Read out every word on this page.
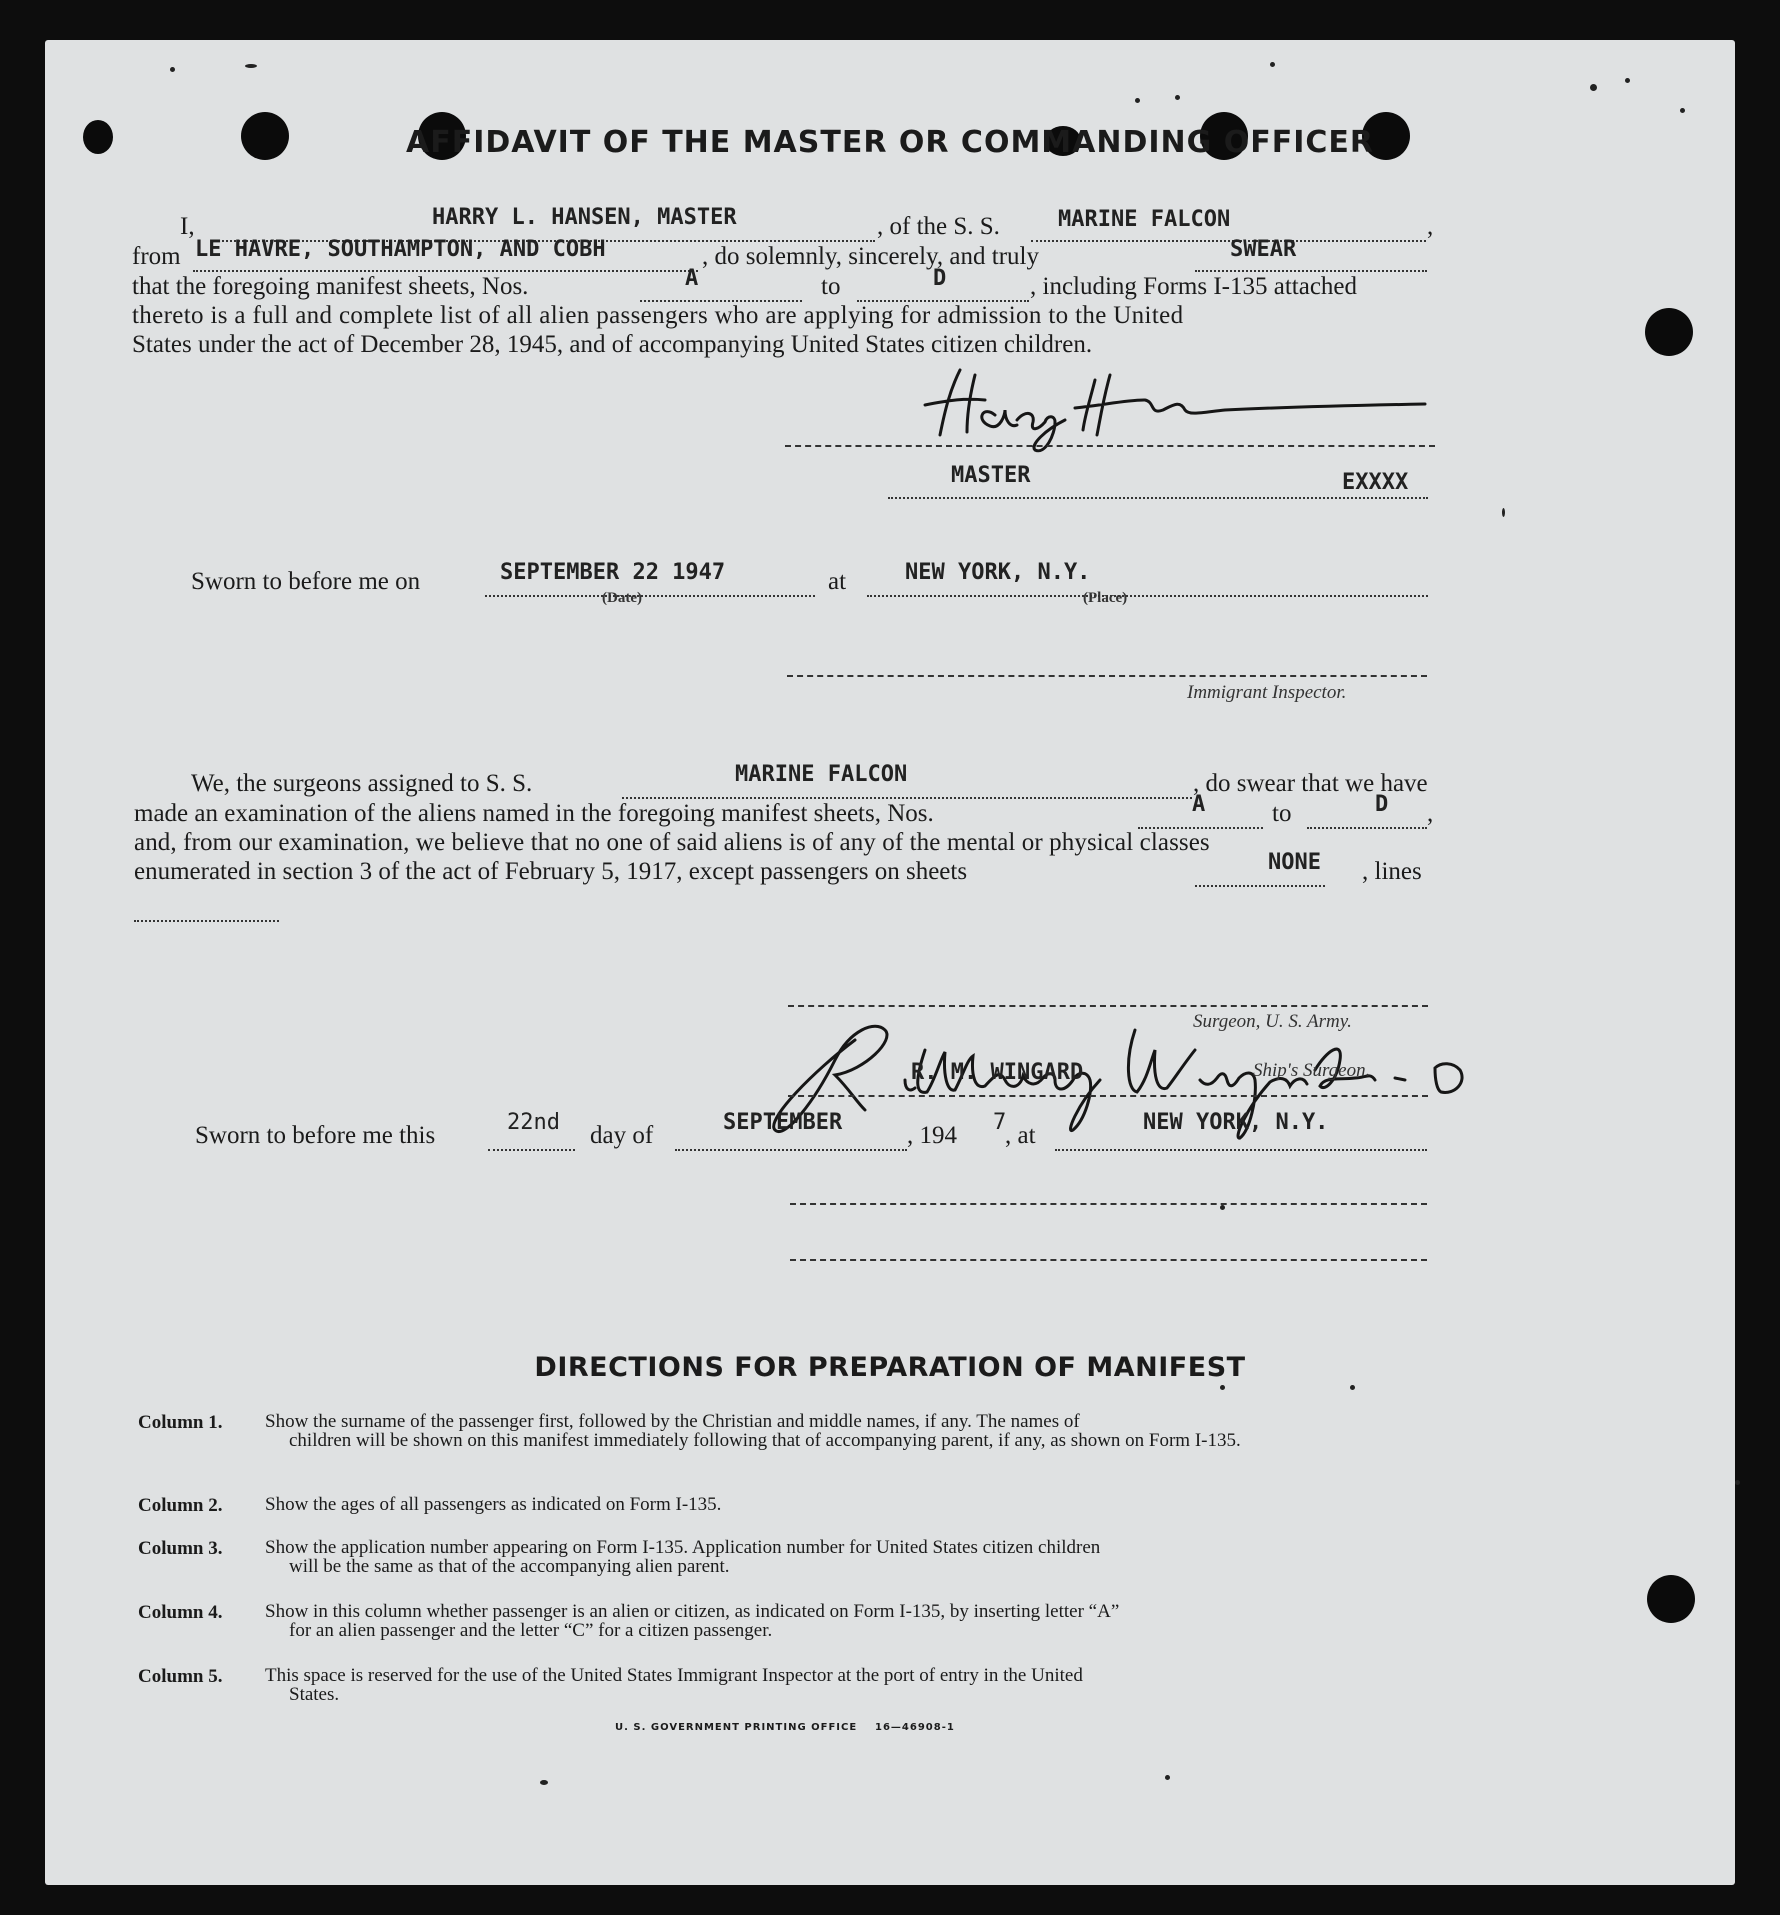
AFFIDAVIT OF THE MASTER OR COMMANDING OFFICER
I,	HARRY L. HANSEN, MASTER	, of the S. S.	MARINE FALCON	,
from LE HAVRE, SOUTHAMPTON, AND COBH	, do solemnly, sincerely, and truly	SWEAR
that the foregoing manifest sheets, Nos.	A	to	D	, including Forms I-135 attached
thereto is a full and complete list of all alien passengers who are applying for admission to the United
States under the act of December 28, 1945, and of accompanying United States citizen children.
MASTER	EXXXX
Sworn to before me on	SEPTEMBER 22 1947
(Date)
at	NEW YORK, N.Y.
(Place)
Immigrant Inspector.
We, the surgeons assigned to S. S.	MARINE FALCON	, do swear that we have
made an examination of the aliens named in the foregoing manifest sheets, Nos.	A	to	D ,
and, from our examination, we believe that no one of said aliens is of any of the mental or physical classes
enumerated in section 3 of the act of February 5, 1917, except passengers on sheets	NONE , lines
Surgeon, U. S. Army.
R. M. WINGARD	Ship's Surgeon.
Sworn to before me this	22nd day of	SEPTEMBER	, 194 7
, at	NEW YORK, N.Y.
DIRECTIONS FOR PREPARATION OF MANIFEST
Column 1. Show the surname of the passenger first, followed by the Christian and middle names, if any. The names of
children will be shown on this manifest immediately following that of accompanying parent, if any, as shown on Form I-135.
Column 2. Show the ages of all passengers as indicated on Form I-135.
Column 3. Show the application number appearing on Form I-135. Application number for United States citizen children
will be the same as that of the accompanying alien parent.
Column 4. Show in this column whether passenger is an alien or citizen, as indicated on Form I-135, by inserting letter “A”
for an alien passenger and the letter “C” for a citizen passenger.
Column 5. This space is reserved for the use of the United States Immigrant Inspector at the port of entry in the United
States.
U. S. GOVERNMENT PRINTING OFFICE 16—46908-1
